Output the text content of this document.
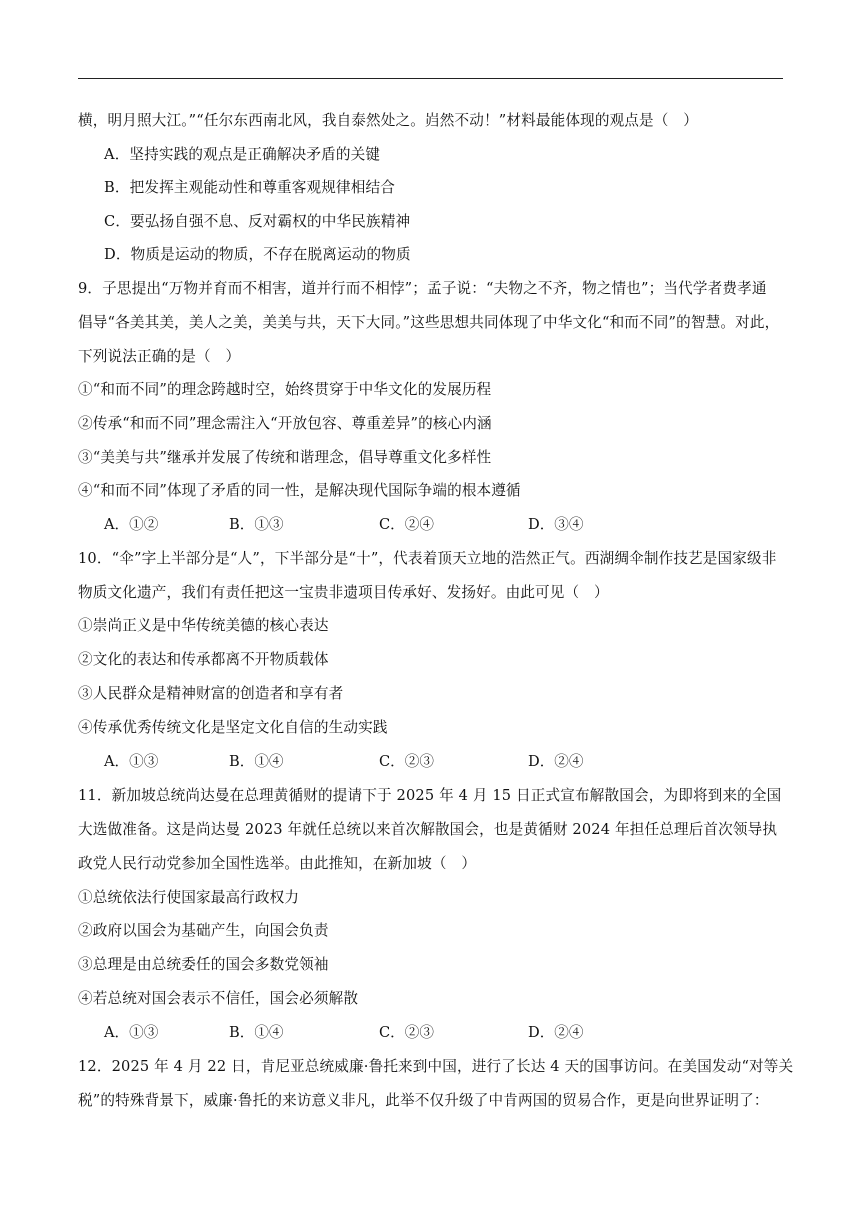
横，明月照大江。”“任尔东西南北风，我自泰然处之。岿然不动！”材料最能体现的观点是（　）
A．坚持实践的观点是正确解决矛盾的关键
B．把发挥主观能动性和尊重客观规律相结合
C．要弘扬自强不息、反对霸权的中华民族精神
D．物质是运动的物质，不存在脱离运动的物质
9．子思提出“万物并育而不相害，道并行而不相悖”；孟子说：“夫物之不齐，物之情也”；当代学者费孝通
倡导“各美其美，美人之美，美美与共，天下大同。”这些思想共同体现了中华文化“和而不同”的智慧。对此，
下列说法正确的是（　）
①“和而不同”的理念跨越时空，始终贯穿于中华文化的发展历程
②传承“和而不同”理念需注入“开放包容、尊重差异”的核心内涵
③“美美与共”继承并发展了传统和谐理念，倡导尊重文化多样性
④“和而不同”体现了矛盾的同一性，是解决现代国际争端的根本遵循
A．①②	B．①③	C．②④	D．③④
10．“伞”字上半部分是“人”，下半部分是“十”，代表着顶天立地的浩然正气。西湖绸伞制作技艺是国家级非
物质文化遗产，我们有责任把这一宝贵非遗项目传承好、发扬好。由此可见（　）
①崇尚正义是中华传统美德的核心表达
②文化的表达和传承都离不开物质载体
③人民群众是精神财富的创造者和享有者
④传承优秀传统文化是坚定文化自信的生动实践
A．①③	B．①④	C．②③	D．②④
11．新加坡总统尚达曼在总理黄循财的提请下于 2025 年 4 月 15 日正式宣布解散国会，为即将到来的全国
大选做准备。这是尚达曼 2023 年就任总统以来首次解散国会，也是黄循财 2024 年担任总理后首次领导执
政党人民行动党参加全国性选举。由此推知，在新加坡（　）
①总统依法行使国家最高行政权力
②政府以国会为基础产生，向国会负责
③总理是由总统委任的国会多数党领袖
④若总统对国会表示不信任，国会必须解散
A．①③	B．①④	C．②③	D．②④
12．2025 年 4 月 22 日，肯尼亚总统威廉·鲁托来到中国，进行了长达 4 天的国事访问。在美国发动“对等关
税”的特殊背景下，威廉·鲁托的来访意义非凡，此举不仅升级了中肯两国的贸易合作，更是向世界证明了：
